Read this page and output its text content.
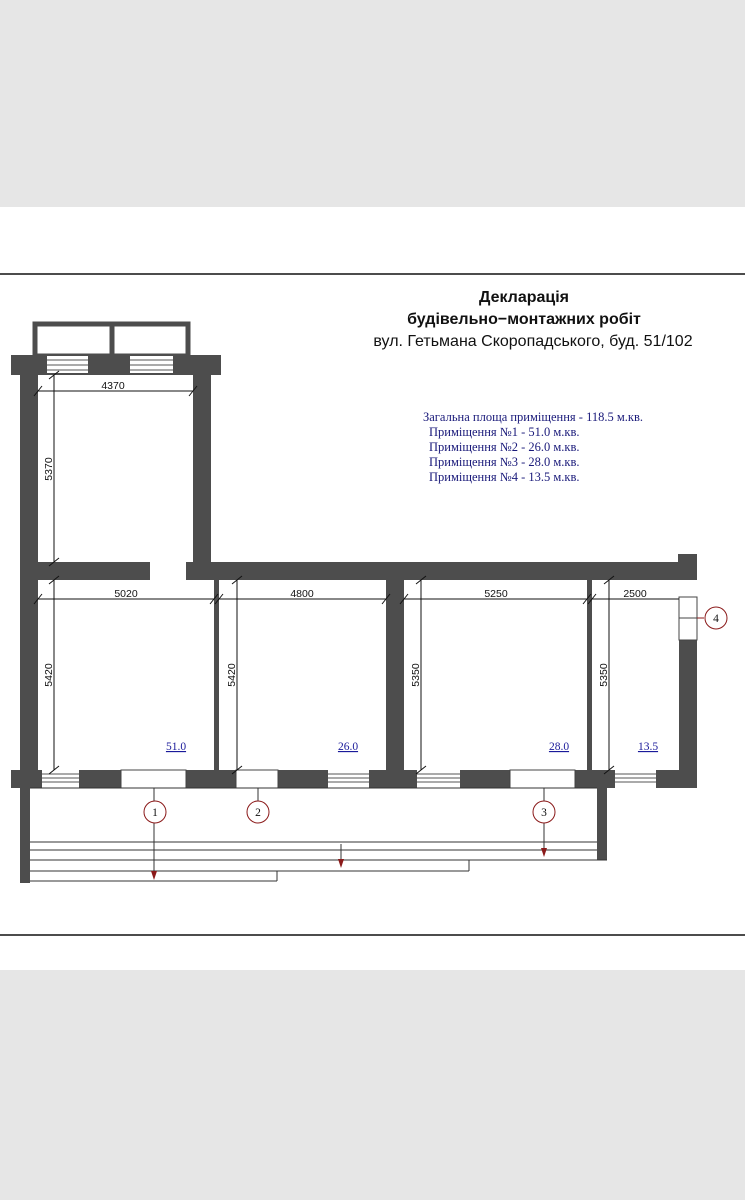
Декларація
будівельно−монтажних робіт
вул. Гетьмана Скоропадського, буд. 51/102
Загальна площа приміщення - 118.5 м.кв.
Приміщення №1 - 51.0 м.кв.
Приміщення №2 - 26.0 м.кв.
Приміщення №3 - 28.0 м.кв.
Приміщення №4 - 13.5 м.кв.
4370
5370
5020
5420
4800
5420
5250
5350
2500
5350
51.0	26.0	28.0	13.5
1	2	3
4
